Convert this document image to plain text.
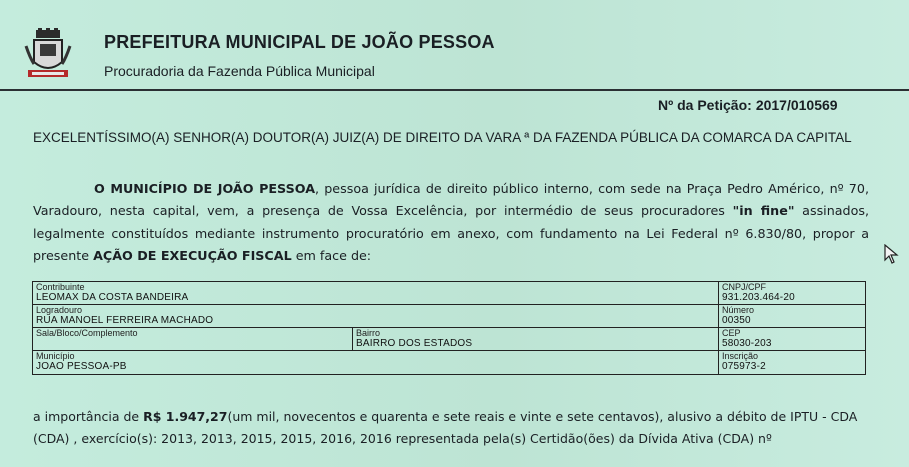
PREFEITURA MUNICIPAL DE JOÃO PESSOA
Procuradoria da Fazenda Pública Municipal
Nº da Petição: 2017/010569
EXCELENTÍSSIMO(A) SENHOR(A) DOUTOR(A) JUIZ(A) DE DIREITO DA VARA ª DA FAZENDA PÚBLICA DA COMARCA DA CAPITAL
O MUNICÍPIO DE JOÃO PESSOA, pessoa jurídica de direito público interno, com sede na Praça Pedro Américo, nº 70, Varadouro, nesta capital, vem, a presença de Vossa Excelência, por intermédio de seus procuradores "in fine" assinados, legalmente constituídos mediante instrumento procuratório em anexo, com fundamento na Lei Federal nº 6.830/80, propor a presente AÇÃO DE EXECUÇÃO FISCAL em face de:
Contribuinte
LEOMAX DA COSTA BANDEIRA
CNPJ/CPF
931.203.464-20
Logradouro
RUA MANOEL FERREIRA MACHADO
Número
00350
Sala/Bloco/Complemento	Bairro
BAIRRO DOS ESTADOS
CEP
58030-203
Município
JOAO PESSOA-PB
Inscrição
075973-2
a importância de R$ 1.947,27(um mil, novecentos e quarenta e sete reais e vinte e sete centavos), alusivo a débito de IPTU - CDA (CDA) , exercício(s): 2013, 2013, 2015, 2015, 2016, 2016 representada pela(s) Certidão(ões) da Dívida Ativa (CDA) nº
